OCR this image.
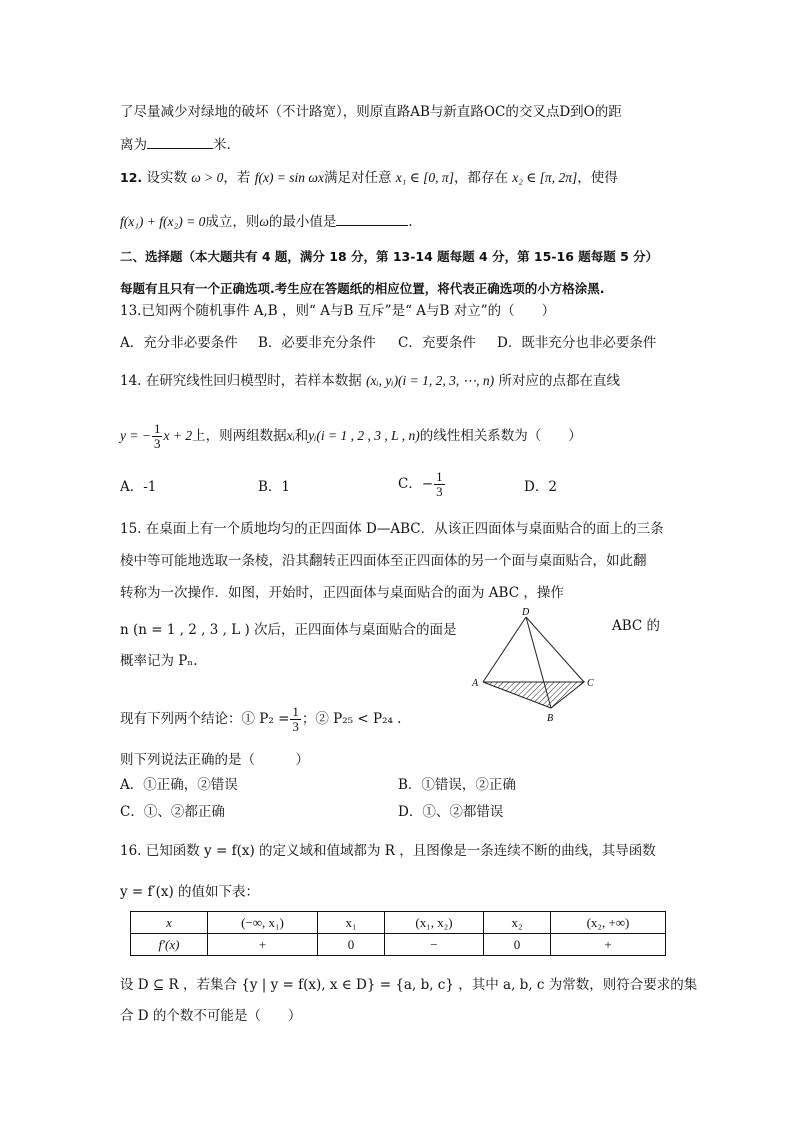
了尽量减少对绿地的破坏（不计路宽），则原直路AB与新直路OC的交叉点D到O的距
离为	米.
12. 设实数 ω > 0，若 f(x) = sin ωx满足对任意 x₁ ∈ [0, π]，都存在 x₂ ∈ [π, 2π]，使得
f(x₁) + f(x₂) = 0成立，则ω的最小值是	.
二、选择题（本大题共有 4 题，满分 18 分，第 13-14 题每题 4 分，第 15-16 题每题 5 分）
每题有且只有一个正确选项.考生应在答题纸的相应位置，将代表正确选项的小方格涂黑.
13.已知两个随机事件 A,B ，则“ A与B 互斥”是“ A与B 对立”的（　　）
A．充分非必要条件 B．必要非充分条件 C．充要条件 D．既非充分也非必要条件
14. 在研究线性回归模型时，若样本数据 (xᵢ, yᵢ)(i = 1, 2, 3, ⋯, n) 所对应的点都在直线
y = − $\frac{1}{3}$ x + 2上，则两组数据xᵢ和yᵢ(i = 1 , 2 , 3 , L , n)的线性相关系数为（　　）
A．-1	B．1	C．− $\frac{1}{3}$	D．2
15. 在桌面上有一个质地均匀的正四面体 D—ABC．从该正四面体与桌面贴合的面上的三条
棱中等可能地选取一条棱，沿其翻转正四面体至正四面体的另一个面与桌面贴合，如此翻
转称为一次操作．如图，开始时，正四面体与桌面贴合的面为 ABC ，操作
n (n = 1 , 2 , 3 , L ) 次后，正四面体与桌面贴合的面是	ABC 的
概率记为 Pₙ.
D
A	C
B
现有下列两个结论：① $P_2 = \frac{1}{3}$ ；② P₂₅ < P₂₄ .
则下列说法正确的是（　　　）
A．①正确，②错误	B．①错误，②正确
C．①、②都正确	D．①、②都错误
16. 已知函数 y = f(x) 的定义域和值域都为 R ，且图像是一条连续不断的曲线，其导函数
y = f′(x) 的值如下表：
x	(−∞, x₁)	x₁	(x₁, x₂)	x₂	(x₂, +∞)
f′(x)	+	0	−	0	+
设 D ⊆ R ，若集合 {y | y = f(x), x ∈ D} = {a, b, c} ，其中 a, b, c 为常数，则符合要求的集
合 D 的个数不可能是（　　）
